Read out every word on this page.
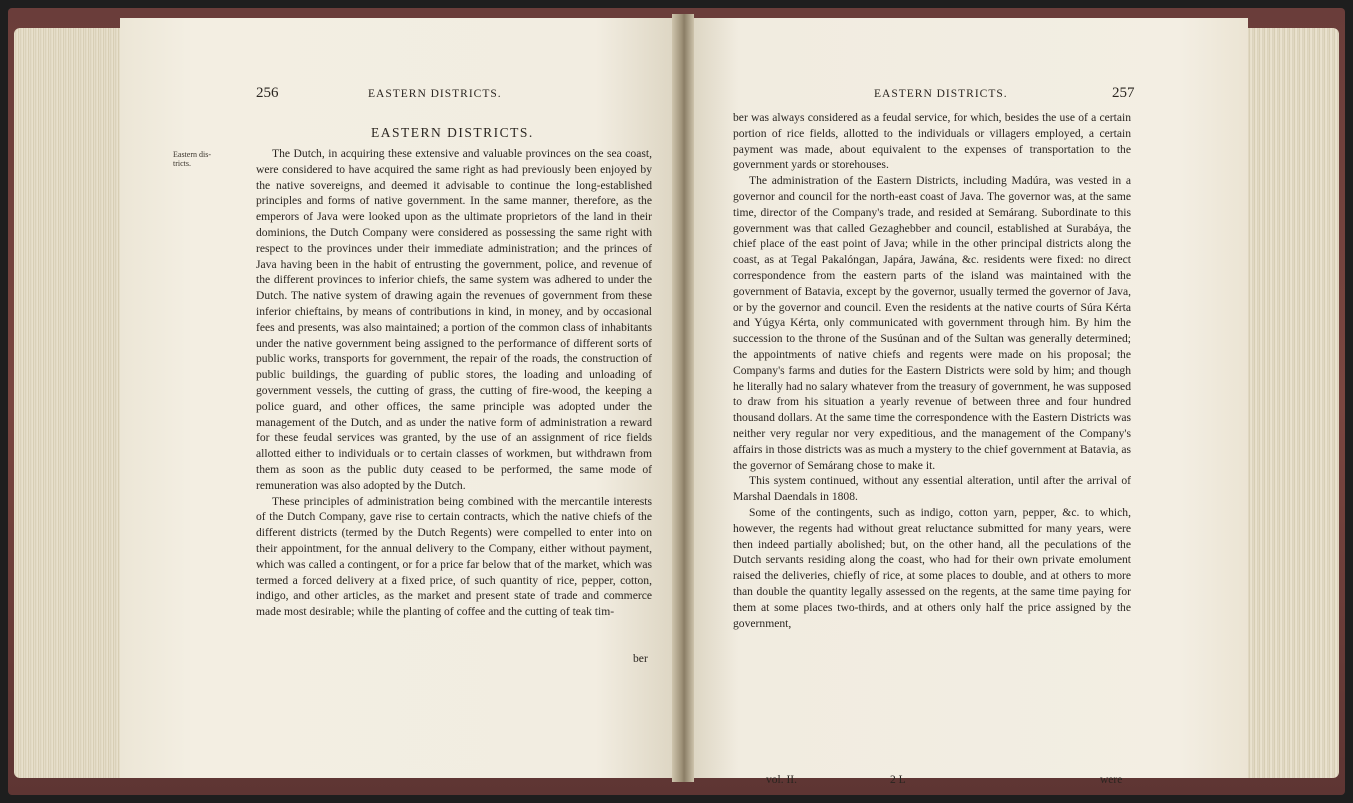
256	EASTERN DISTRICTS.
EASTERN DISTRICTS.
Eastern districts.

The Dutch, in acquiring these extensive and valuable provinces on the sea coast, were considered to have acquired the same right as had previously been enjoyed by the native sovereigns, and deemed it advisable to continue the long-established principles and forms of native government. In the same manner, therefore, as the emperors of Java were looked upon as the ultimate proprietors of the land in their dominions, the Dutch Company were considered as possessing the same right with respect to the provinces under their immediate administration; and the princes of Java having been in the habit of entrusting the government, police, and revenue of the different provinces to inferior chiefs, the same system was adhered to under the Dutch. The native system of drawing again the revenues of government from these inferior chieftains, by means of contributions in kind, in money, and by occasional fees and presents, was also maintained; a portion of the common class of inhabitants under the native government being assigned to the performance of different sorts of public works, transports for government, the repair of the roads, the construction of public buildings, the guarding of public stores, the loading and unloading of government vessels, the cutting of grass, the cutting of fire-wood, the keeping a police guard, and other offices, the same principle was adopted under the management of the Dutch, and as under the native form of administration a reward for these feudal services was granted, by the use of an assignment of rice fields allotted either to individuals or to certain classes of workmen, but withdrawn from them as soon as the public duty ceased to be performed, the same mode of remuneration was also adopted by the Dutch.

These principles of administration being combined with the mercantile interests of the Dutch Company, gave rise to certain contracts, which the native chiefs of the different districts (termed by the Dutch Regents) were compelled to enter into on their appointment, for the annual delivery to the Company, either without payment, which was called a contingent, or for a price far below that of the market, which was termed a forced delivery at a fixed price, of such quantity of rice, pepper, cotton, indigo, and other articles, as the market and present state of trade and commerce made most desirable; while the planting of coffee and the cutting of teak tim-

ber
EASTERN DISTRICTS.	257

ber was always considered as a feudal service, for which, besides the use of a certain portion of rice fields, allotted to the individuals or villagers employed, a certain payment was made, about equivalent to the expenses of transportation to the government yards or storehouses.

The administration of the Eastern Districts, including Madúra, was vested in a governor and council for the north-east coast of Java. The governor was, at the same time, director of the Company's trade, and resided at Semárang. Subordinate to this government was that called Gezaghebber and council, established at Surabáya, the chief place of the east point of Java; while in the other principal districts along the coast, as at Tegal Pakalóngan, Japára, Jawána, &c. residents were fixed: no direct correspondence from the eastern parts of the island was maintained with the government of Batavia, except by the governor, usually termed the governor of Java, or by the governor and council. Even the residents at the native courts of Súra Kérta and Yúgya Kérta, only communicated with government through him. By him the succession to the throne of the Susúnan and of the Sultan was generally determined; the appointments of native chiefs and regents were made on his proposal; the Company's farms and duties for the Eastern Districts were sold by him; and though he literally had no salary whatever from the treasury of government, he was supposed to draw from his situation a yearly revenue of between three and four hundred thousand dollars. At the same time the correspondence with the Eastern Districts was neither very regular nor very expeditious, and the management of the Company's affairs in those districts was as much a mystery to the chief government at Batavia, as the governor of Semárang chose to make it.

This system continued, without any essential alteration, until after the arrival of Marshal Daendals in 1808.

Some of the contingents, such as indigo, cotton yarn, pepper, &c. to which, however, the regents had without great reluctance submitted for many years, were then indeed partially abolished; but, on the other hand, all the peculations of the Dutch servants residing along the coast, who had for their own private emolument raised the deliveries, chiefly of rice, at some places to double, and at others to more than double the quantity legally assessed on the regents, at the same time paying for them at some places two-thirds, and at others only half the price assigned by the government,

vol. II.	2 L	were
